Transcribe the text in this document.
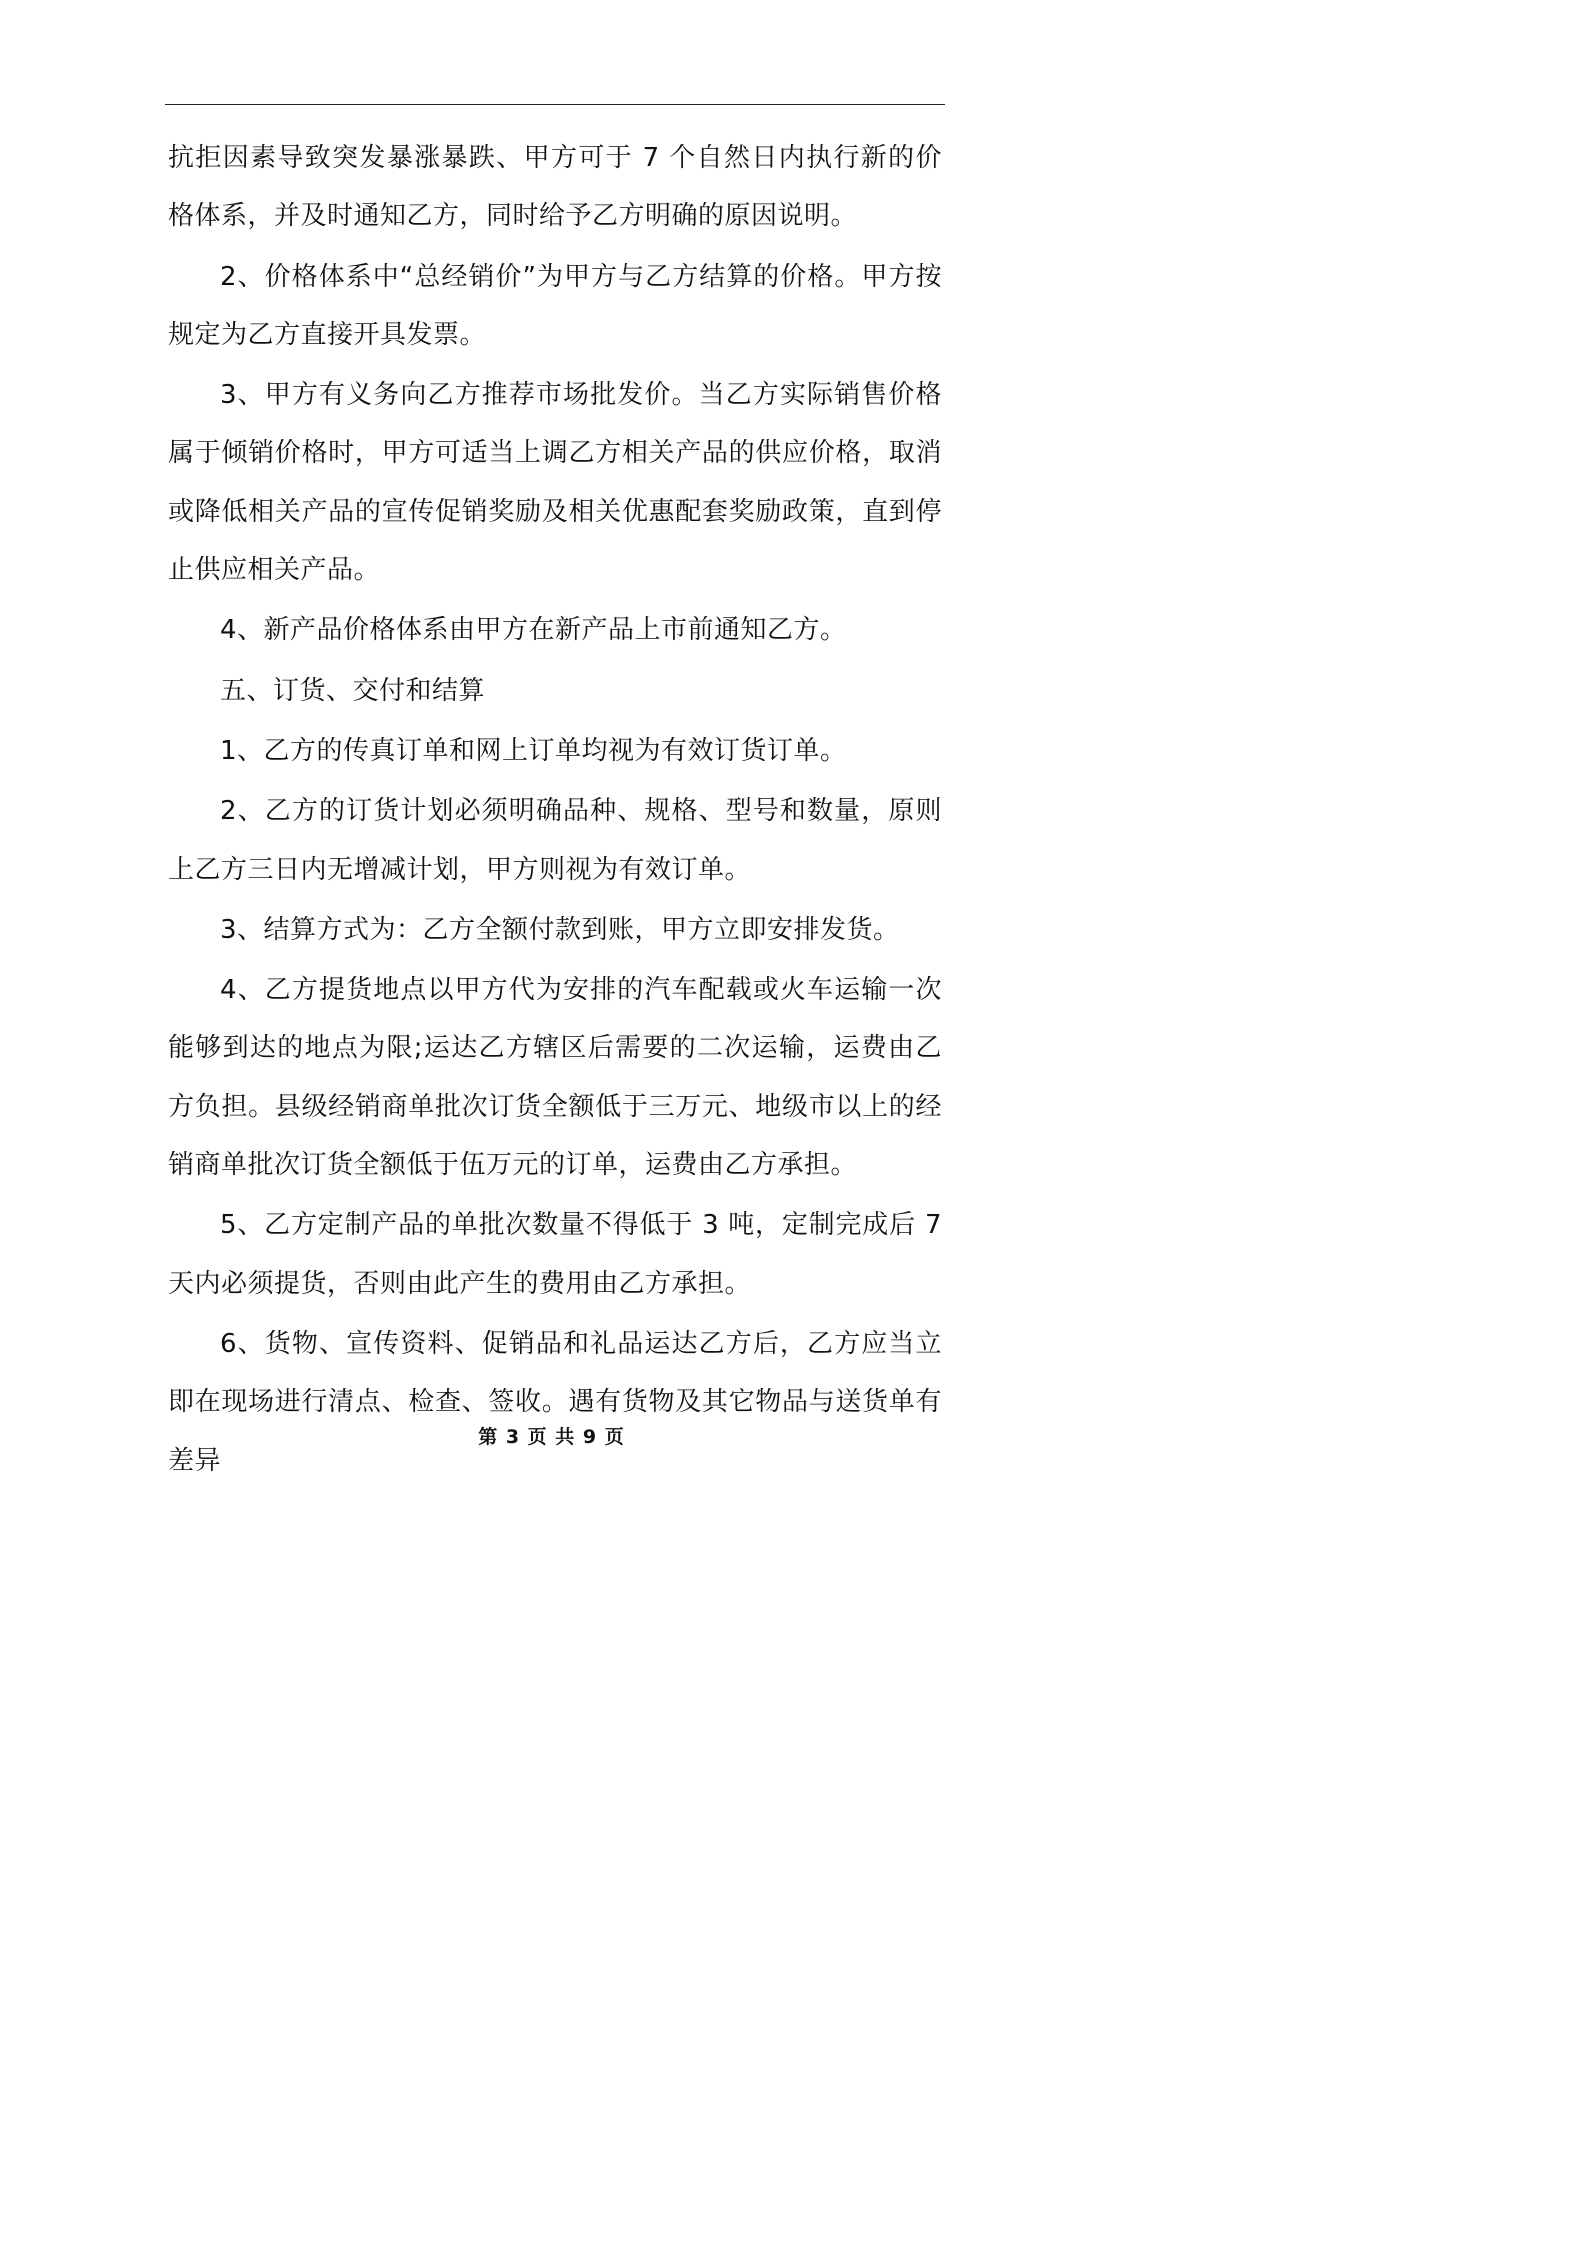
抗拒因素导致突发暴涨暴跌、甲方可于 7 个自然日内执行新的价格体系，并及时通知乙方，同时给予乙方明确的原因说明。

2、价格体系中“总经销价”为甲方与乙方结算的价格。甲方按规定为乙方直接开具发票。

3、甲方有义务向乙方推荐市场批发价。当乙方实际销售价格属于倾销价格时，甲方可适当上调乙方相关产品的供应价格，取消或降低相关产品的宣传促销奖励及相关优惠配套奖励政策，直到停止供应相关产品。

4、新产品价格体系由甲方在新产品上市前通知乙方。

五、订货、交付和结算

1、乙方的传真订单和网上订单均视为有效订货订单。

2、乙方的订货计划必须明确品种、规格、型号和数量，原则上乙方三日内无增减计划，甲方则视为有效订单。

3、结算方式为：乙方全额付款到账，甲方立即安排发货。

4、乙方提货地点以甲方代为安排的汽车配载或火车运输一次能够到达的地点为限;运达乙方辖区后需要的二次运输，运费由乙方负担。县级经销商单批次订货全额低于三万元、地级市以上的经销商单批次订货全额低于伍万元的订单，运费由乙方承担。

5、乙方定制产品的单批次数量不得低于 3 吨，定制完成后 7 天内必须提货，否则由此产生的费用由乙方承担。

6、货物、宣传资料、促销品和礼品运达乙方后，乙方应当立即在现场进行清点、检查、签收。遇有货物及其它物品与送货单有差异

第 3 页 共 9 页
